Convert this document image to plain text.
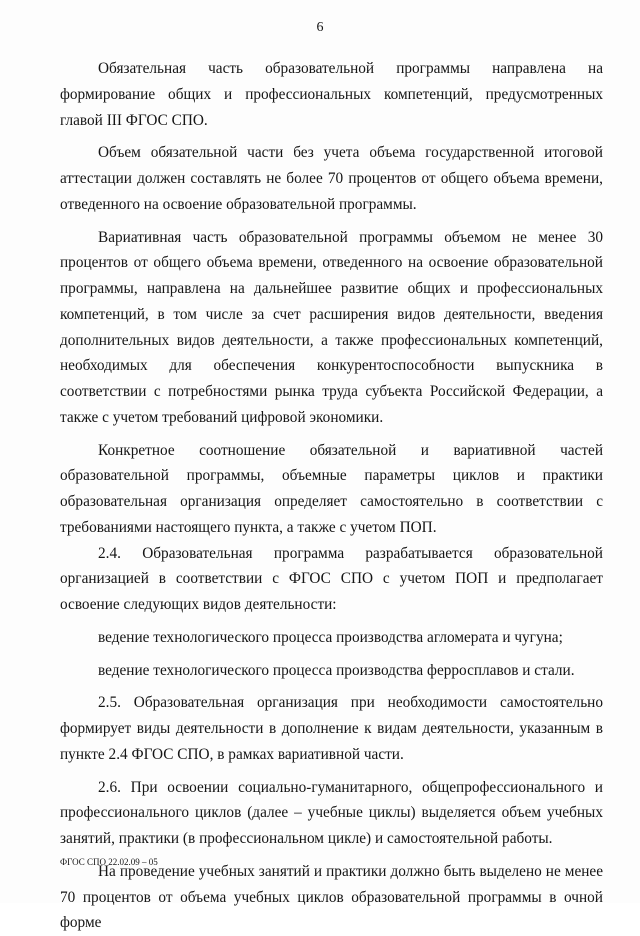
6

Обязательная часть образовательной программы направлена на формирование общих и профессиональных компетенций, предусмотренных главой III ФГОС СПО.

Объем обязательной части без учета объема государственной итоговой аттестации должен составлять не более 70 процентов от общего объема времени, отведенного на освоение образовательной программы.

Вариативная часть образовательной программы объемом не менее 30 процентов от общего объема времени, отведенного на освоение образовательной программы, направлена на дальнейшее развитие общих и профессиональных компетенций, в том числе за счет расширения видов деятельности, введения дополнительных видов деятельности, а также профессиональных компетенций, необходимых для обеспечения конкурентоспособности выпускника в соответствии с потребностями рынка труда субъекта Российской Федерации, а также с учетом требований цифровой экономики.

Конкретное соотношение обязательной и вариативной частей образовательной программы, объемные параметры циклов и практики образовательная организация определяет самостоятельно в соответствии с требованиями настоящего пункта, а также с учетом ПОП.

2.4. Образовательная программа разрабатывается образовательной организацией в соответствии с ФГОС СПО с учетом ПОП и предполагает освоение следующих видов деятельности:

ведение технологического процесса производства агломерата и чугуна;

ведение технологического процесса производства ферросплавов и стали.

2.5. Образовательная организация при необходимости самостоятельно формирует виды деятельности в дополнение к видам деятельности, указанным в пункте 2.4 ФГОС СПО, в рамках вариативной части.

2.6. При освоении социально-гуманитарного, общепрофессионального и профессионального циклов (далее – учебные циклы) выделяется объем учебных занятий, практики (в профессиональном цикле) и самостоятельной работы.

На проведение учебных занятий и практики должно быть выделено не менее 70 процентов от объема учебных циклов образовательной программы в очной форме

ФГОС СПО 22.02.09 – 05
